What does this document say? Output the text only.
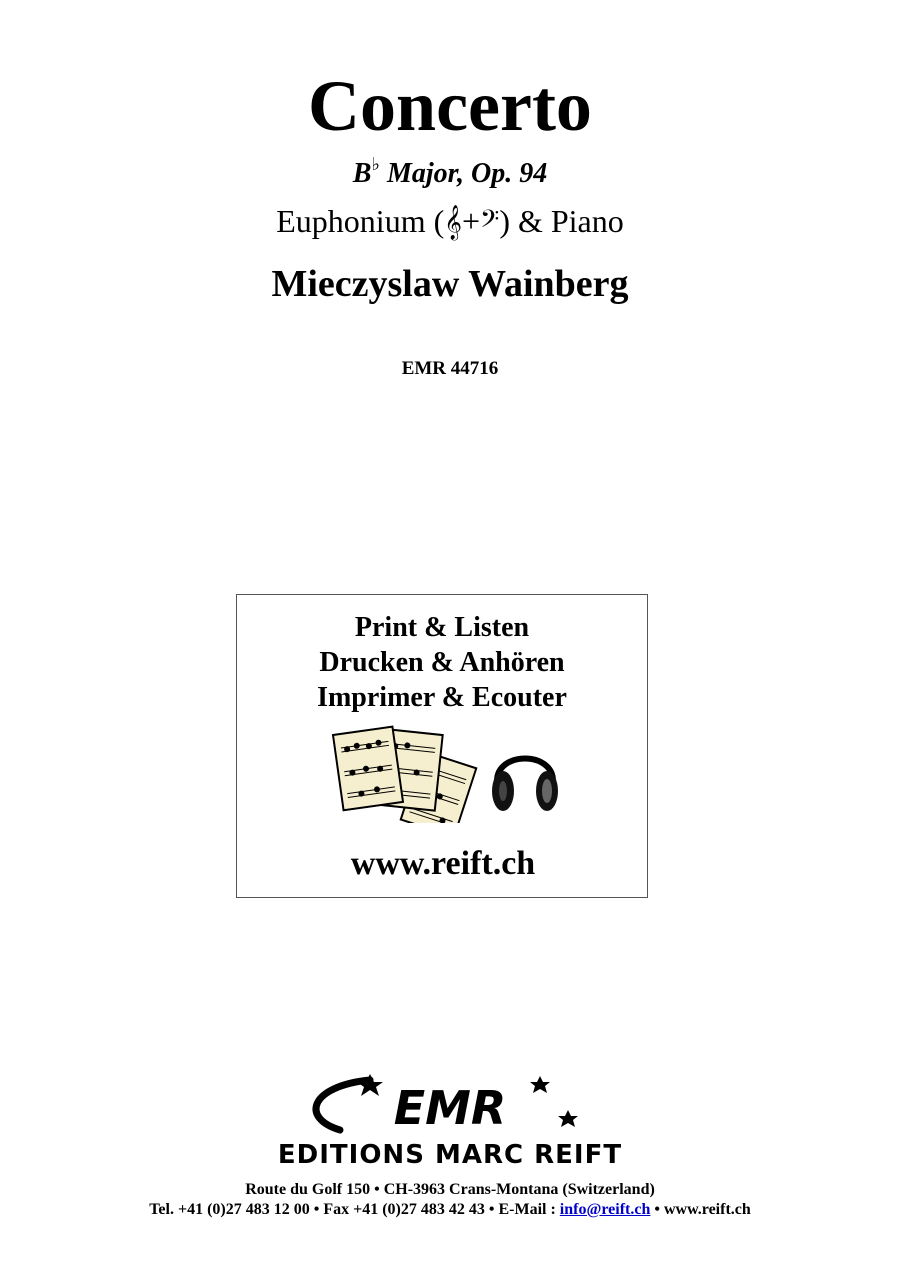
Concerto
B♭ Major, Op. 94
Euphonium (𝄞+𝄢) & Piano
Mieczyslaw Wainberg
EMR 44716
Print & Listen
Drucken & Anhören
Imprimer & Ecouter
www.reift.ch
EMR
EDITIONS MARC REIFT
Route du Golf 150 • CH-3963 Crans-Montana (Switzerland)
Tel. +41 (0)27 483 12 00 • Fax +41 (0)27 483 42 43 • E-Mail : info@reift.ch • www.reift.ch
